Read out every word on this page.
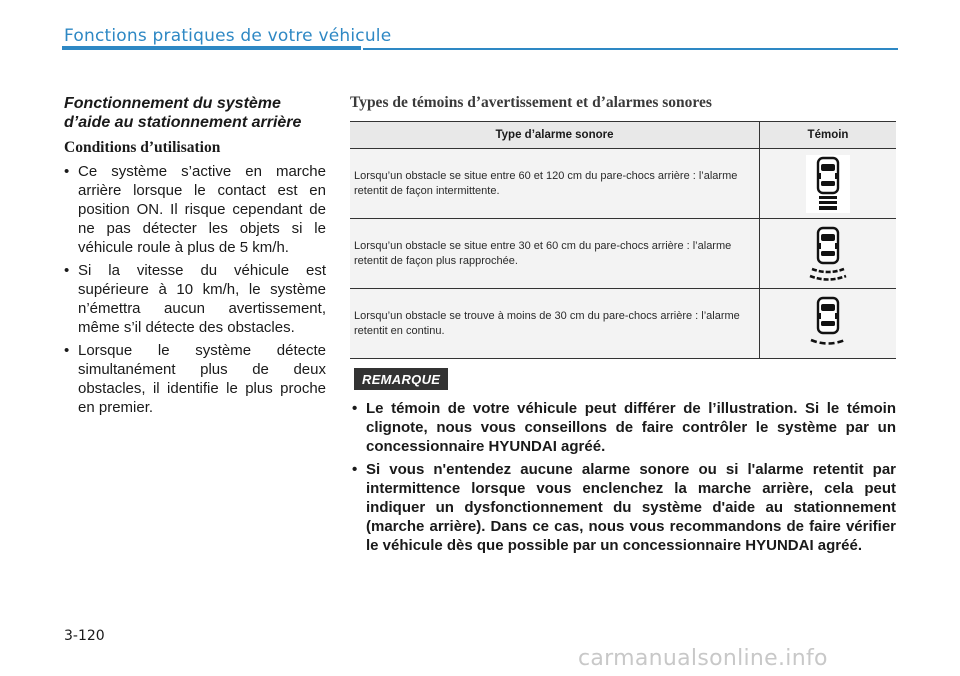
Fonctions pratiques de votre véhicule
Fonctionnement du système d’aide au stationnement arrière
Conditions d’utilisation
• Ce système s’active en marche arrière lorsque le contact est en position ON. Il risque cependant de ne pas détecter les objets si le véhicule roule à plus de 5 km/h.
• Si la vitesse du véhicule est supérieure à 10 km/h, le système n’émettra aucun avertissement, même s’il détecte des obstacles.
• Lorsque le système détecte simultanément plus de deux obstacles, il identifie le plus proche en premier.
Types de témoins d’avertissement et d’alarmes sonores
Type d’alarme sonore	Témoin
Lorsqu’un obstacle se situe entre 60 et 120 cm du pare-chocs arrière : l’alarme retentit de façon intermittente.
Lorsqu’un obstacle se situe entre 30 et 60 cm du pare-chocs arrière : l’alarme retentit de façon plus rapprochée.
Lorsqu’un obstacle se trouve à moins de 30 cm du pare-chocs arrière : l’alarme retentit en continu.
REMARQUE
• Le témoin de votre véhicule peut différer de l’illustration. Si le témoin clignote, nous vous conseillons de faire contrôler le système par un concessionnaire HYUNDAI agréé.
• Si vous n'entendez aucune alarme sonore ou si l'alarme retentit par intermittence lorsque vous enclenchez la marche arrière, cela peut indiquer un dysfonctionnement du système d'aide au stationnement (marche arrière). Dans ce cas, nous vous recommandons de faire vérifier le véhicule dès que possible par un concessionnaire HYUNDAI agréé.
3-120
carmanualsonline.info
